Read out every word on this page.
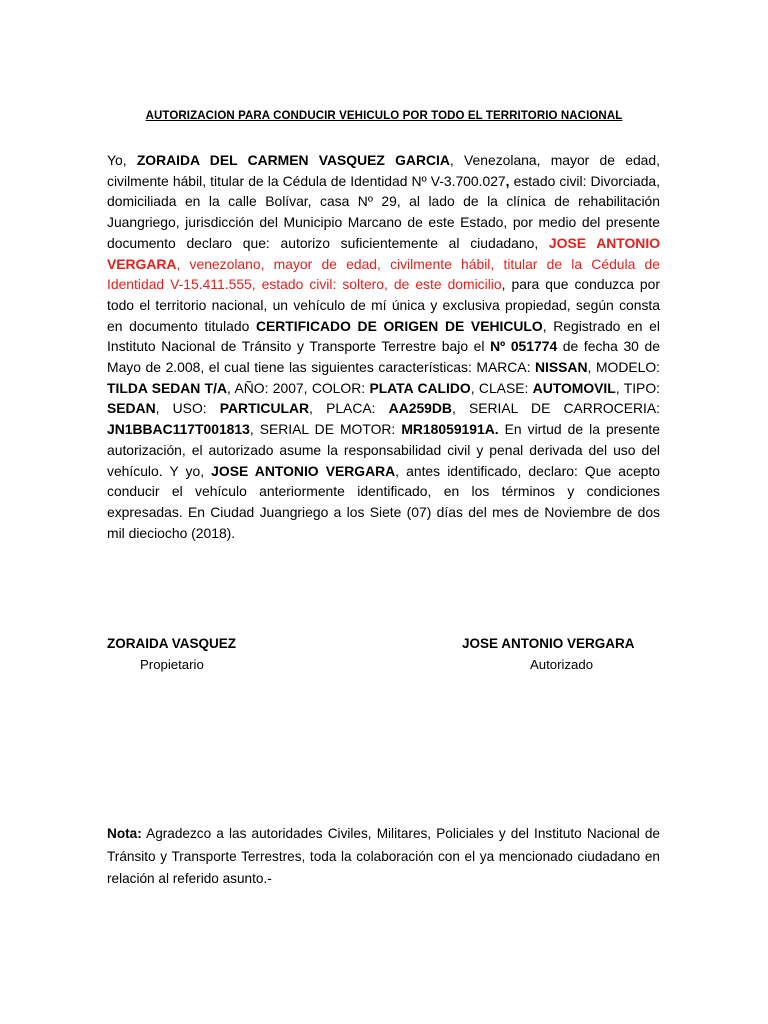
AUTORIZACION PARA CONDUCIR VEHICULO POR TODO EL TERRITORIO NACIONAL

Yo, ZORAIDA DEL CARMEN VASQUEZ GARCIA, Venezolana, mayor de edad, civilmente hábil, titular de la Cédula de Identidad Nº V-3.700.027, estado civil: Divorciada, domiciliada en la calle Bolívar, casa Nº 29, al lado de la clínica de rehabilitación Juangriego, jurisdicción del Municipio Marcano de este Estado, por medio del presente documento declaro que: autorizo suficientemente al ciudadano, JOSE ANTONIO VERGARA, venezolano, mayor de edad, civilmente hábil, titular de la Cédula de Identidad V-15.411.555, estado civil: soltero, de este domicilio, para que conduzca por todo el territorio nacional, un vehículo de mí única y exclusiva propiedad, según consta en documento titulado CERTIFICADO DE ORIGEN DE VEHICULO, Registrado en el Instituto Nacional de Tránsito y Transporte Terrestre bajo el Nº 051774 de fecha 30 de Mayo de 2.008, el cual tiene las siguientes características: MARCA: NISSAN, MODELO: TILDA SEDAN T/A, AÑO: 2007, COLOR: PLATA CALIDO, CLASE: AUTOMOVIL, TIPO: SEDAN, USO: PARTICULAR, PLACA: AA259DB, SERIAL DE CARROCERIA: JN1BBAC117T001813, SERIAL DE MOTOR: MR18059191A. En virtud de la presente autorización, el autorizado asume la responsabilidad civil y penal derivada del uso del vehículo. Y yo, JOSE ANTONIO VERGARA, antes identificado, declaro: Que acepto conducir el vehículo anteriormente identificado, en los términos y condiciones expresadas. En Ciudad Juangriego a los Siete (07) días del mes de Noviembre de dos mil dieciocho (2018).

ZORAIDA VASQUEZ
Propietario
JOSE ANTONIO VERGARA
Autorizado

Nota: Agradezco a las autoridades Civiles, Militares, Policiales y del Instituto Nacional de Tránsito y Transporte Terrestres, toda la colaboración con el ya mencionado ciudadano en relación al referido asunto.-
